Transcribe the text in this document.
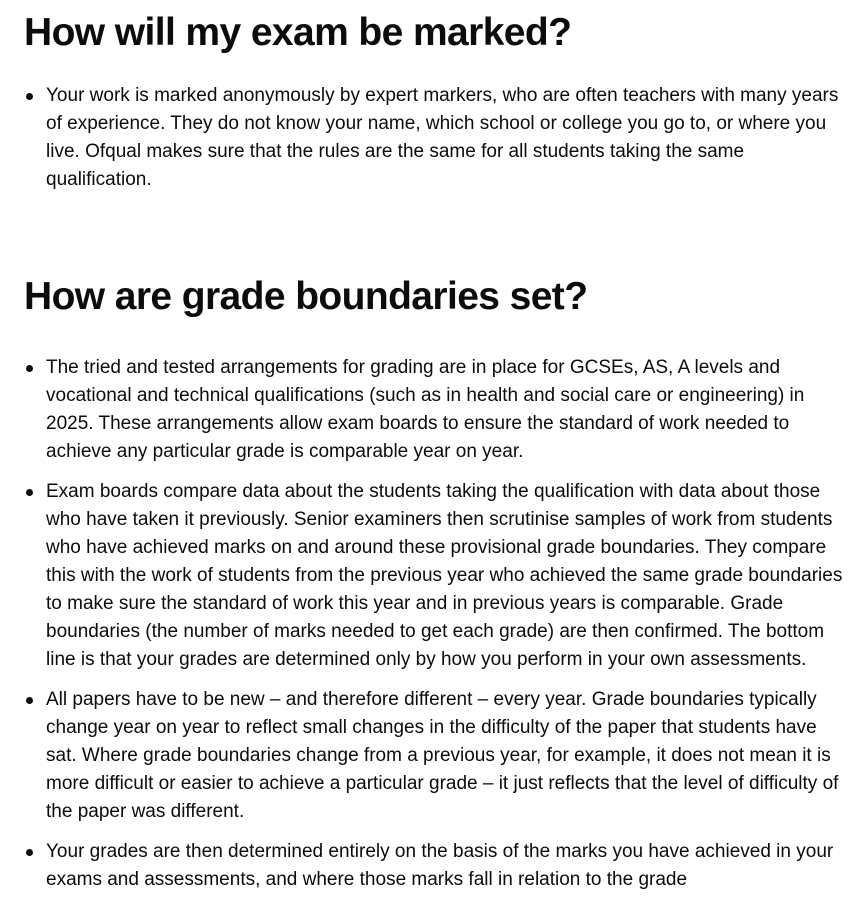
How will my exam be marked?
Your work is marked anonymously by expert markers, who are often teachers with many years of experience. They do not know your name, which school or college you go to, or where you live. Ofqual makes sure that the rules are the same for all students taking the same qualification.
How are grade boundaries set?
The tried and tested arrangements for grading are in place for GCSEs, AS, A levels and vocational and technical qualifications (such as in health and social care or engineering) in 2025. These arrangements allow exam boards to ensure the standard of work needed to achieve any particular grade is comparable year on year.
Exam boards compare data about the students taking the qualification with data about those who have taken it previously. Senior examiners then scrutinise samples of work from students who have achieved marks on and around these provisional grade boundaries. They compare this with the work of students from the previous year who achieved the same grade boundaries to make sure the standard of work this year and in previous years is comparable. Grade boundaries (the number of marks needed to get each grade) are then confirmed. The bottom line is that your grades are determined only by how you perform in your own assessments.
All papers have to be new – and therefore different – every year. Grade boundaries typically change year on year to reflect small changes in the difficulty of the paper that students have sat. Where grade boundaries change from a previous year, for example, it does not mean it is more difficult or easier to achieve a particular grade – it just reflects that the level of difficulty of the paper was different.
Your grades are then determined entirely on the basis of the marks you have achieved in your exams and assessments, and where those marks fall in relation to the grade
